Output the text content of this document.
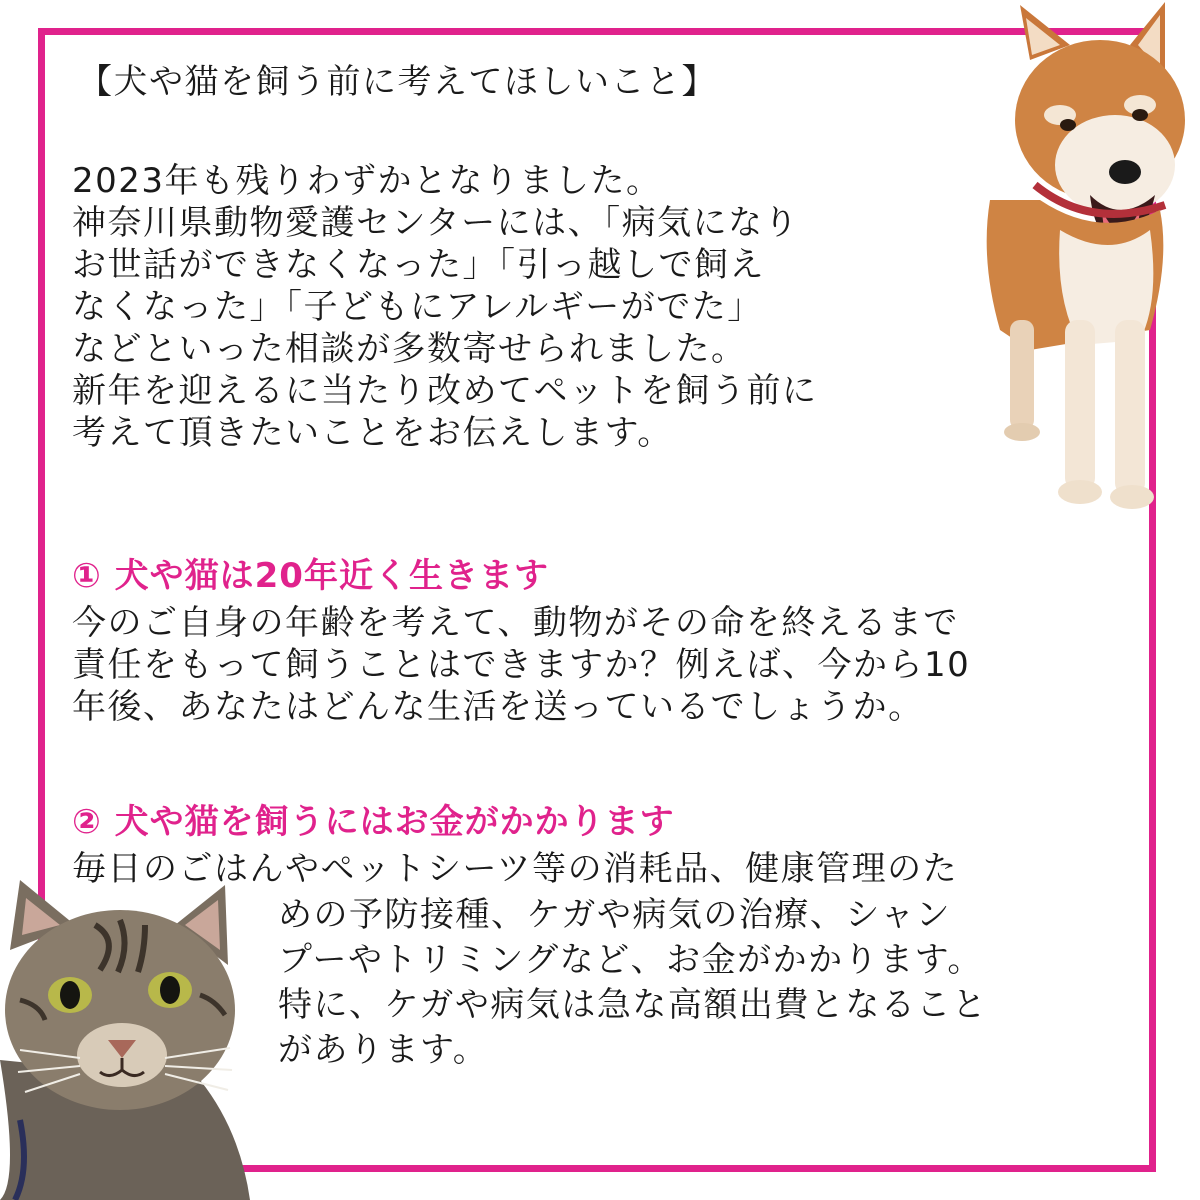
【犬や猫を飼う前に考えてほしいこと】
2023年も残りわずかとなりました。
神奈川県動物愛護センターには、「病気になり
お世話ができなくなった」「引っ越しで飼え
なくなった」「子どもにアレルギーがでた」
などといった相談が多数寄せられました。
新年を迎えるに当たり改めてペットを飼う前に
考えて頂きたいことをお伝えします。
① 犬や猫は20年近く生きます
今のご自身の年齢を考えて、動物がその命を終えるまで
責任をもって飼うことはできますか？例えば、今から10
年後、あなたはどんな生活を送っているでしょうか。
② 犬や猫を飼うにはお金がかかります
毎日のごはんやペットシーツ等の消耗品、健康管理のた
めの予防接種、ケガや病気の治療、シャン
プーやトリミングなど、お金がかかります。
特に、ケガや病気は急な高額出費となること
があります。
